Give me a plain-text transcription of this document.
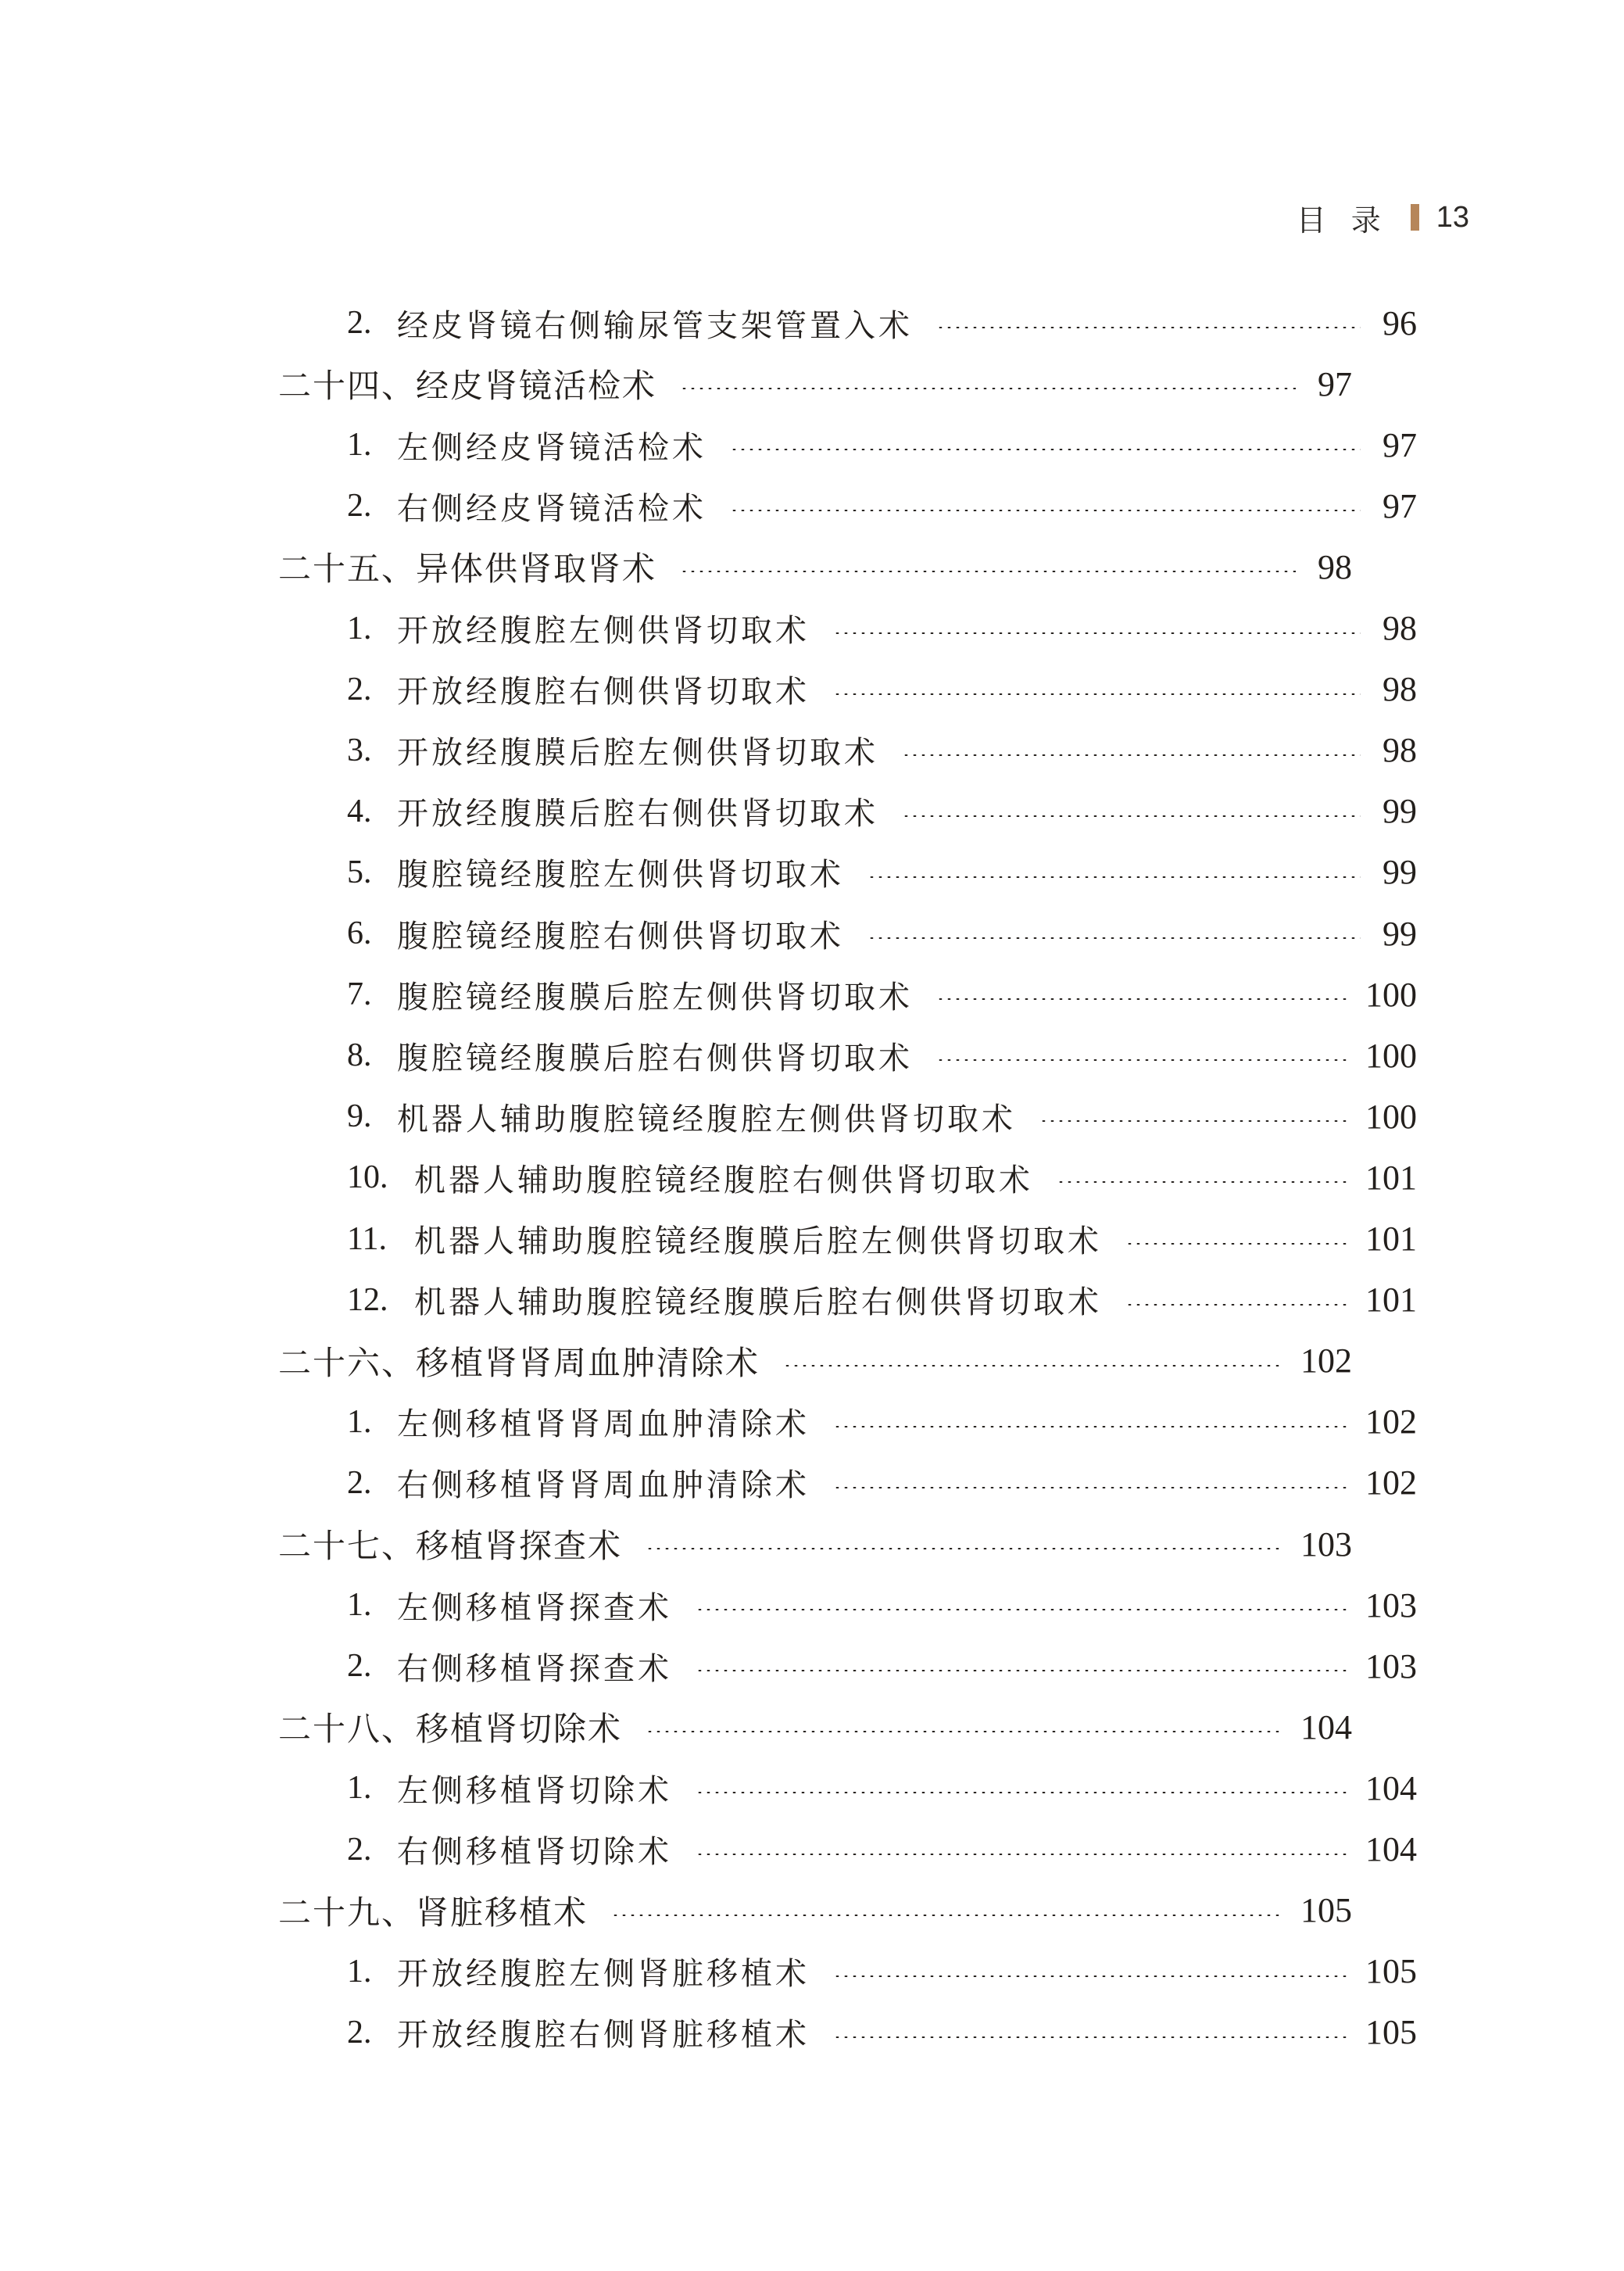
目录 13
2. 经皮肾镜右侧输尿管支架管置入术	96
二十四、经皮肾镜活检术	97
1. 左侧经皮肾镜活检术	97
2. 右侧经皮肾镜活检术	97
二十五、异体供肾取肾术	98
1. 开放经腹腔左侧供肾切取术	98
2. 开放经腹腔右侧供肾切取术	98
3. 开放经腹膜后腔左侧供肾切取术	98
4. 开放经腹膜后腔右侧供肾切取术	99
5. 腹腔镜经腹腔左侧供肾切取术	99
6. 腹腔镜经腹腔右侧供肾切取术	99
7. 腹腔镜经腹膜后腔左侧供肾切取术	100
8. 腹腔镜经腹膜后腔右侧供肾切取术	100
9. 机器人辅助腹腔镜经腹腔左侧供肾切取术	100
10. 机器人辅助腹腔镜经腹腔右侧供肾切取术	101
11. 机器人辅助腹腔镜经腹膜后腔左侧供肾切取术	101
12. 机器人辅助腹腔镜经腹膜后腔右侧供肾切取术	101
二十六、移植肾肾周血肿清除术	102
1. 左侧移植肾肾周血肿清除术	102
2. 右侧移植肾肾周血肿清除术	102
二十七、移植肾探查术	103
1. 左侧移植肾探查术	103
2. 右侧移植肾探查术	103
二十八、移植肾切除术	104
1. 左侧移植肾切除术	104
2. 右侧移植肾切除术	104
二十九、肾脏移植术	105
1. 开放经腹腔左侧肾脏移植术	105
2. 开放经腹腔右侧肾脏移植术	105
